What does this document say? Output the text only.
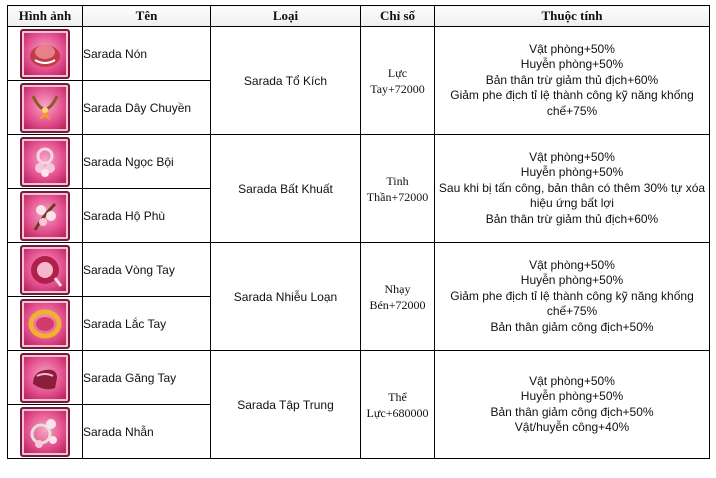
Hình ảnh	Tên	Loại	Chỉ số	Thuộc tính

	Sarada Nón	Sarada Tổ Kích	Lực Tay+72000	Vật phòng+50%
Huyễn phòng+50%
Bản thân trừ giảm thủ địch+60%
Giảm phe địch tỉ lệ thành công kỹ năng khống chế+75%

	Sarada Dây Chuyền			

	Sarada Ngọc Bội	Sarada Bất Khuất	Tinh Thần+72000	Vật phòng+50%
Huyễn phòng+50%
Sau khi bị tấn công, bản thân có thêm 30% tự xóa hiệu ứng bất lợi
Bản thân trừ giảm thủ địch+60%

	Sarada Hộ Phù			

	Sarada Vòng Tay	Sarada Nhiễu Loạn	Nhạy Bén+72000	Vật phòng+50%
Huyễn phòng+50%
Giảm phe địch tỉ lệ thành công kỹ năng khống chế+75%
Bản thân giảm công địch+50%

	Sarada Lắc Tay			

	Sarada Găng Tay	Sarada Tập Trung	Thể Lực+680000	Vật phòng+50%
Huyễn phòng+50%
Bản thân giảm công địch+50%
Vật/huyễn công+40%

	Sarada Nhẫn			
